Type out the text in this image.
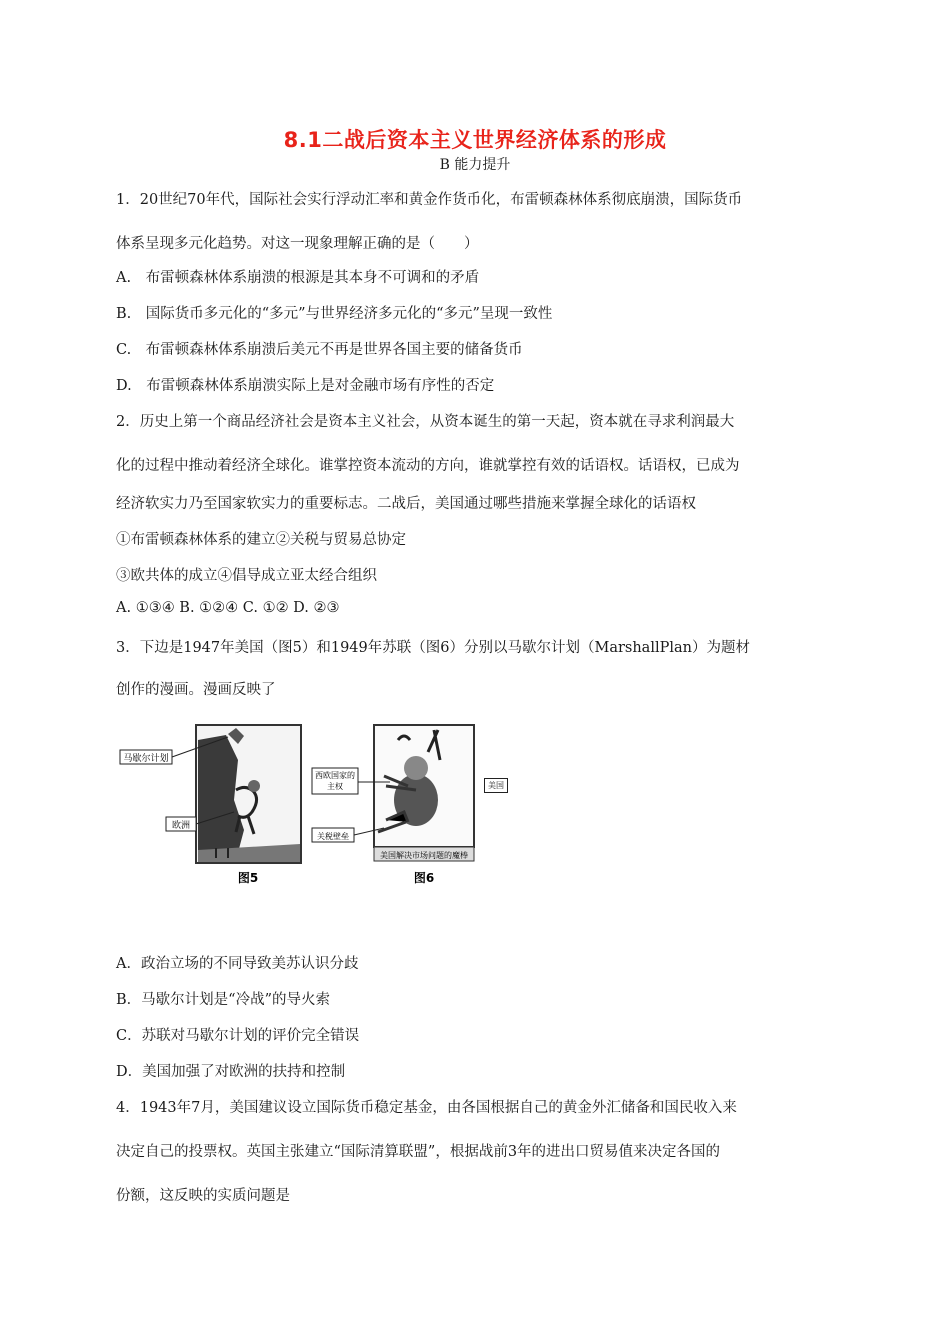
8.1二战后资本主义世界经济体系的形成
B 能力提升
1．20世纪70年代，国际社会实行浮动汇率和黄金作货币化，布雷顿森林体系彻底崩溃，国际货币
体系呈现多元化趋势。对这一现象理解正确的是（　　）
A.　布雷顿森林体系崩溃的根源是其本身不可调和的矛盾
B.　国际货币多元化的“多元”与世界经济多元化的“多元”呈现一致性
C.　布雷顿森林体系崩溃后美元不再是世界各国主要的储备货币
D.　布雷顿森林体系崩溃实际上是对金融市场有序性的否定
2．历史上第一个商品经济社会是资本主义社会，从资本诞生的第一天起，资本就在寻求利润最大
化的过程中推动着经济全球化。谁掌控资本流动的方向，谁就掌控有效的话语权。话语权，已成为
经济软实力乃至国家软实力的重要标志。二战后，美国通过哪些措施来掌握全球化的话语权
①布雷顿森林体系的建立②关税与贸易总协定
③欧共体的成立④倡导成立亚太经合组织
A. ①③④ B. ①②④ C. ①② D. ②③
3．下边是1947年美国（图5）和1949年苏联（图6）分别以马歇尔计划（MarshallPlan）为题材
创作的漫画。漫画反映了
马歇尔计划
欧洲
图5
美国解决市场问题的魔棒
西欧国家的主权
关税壁垒
图6
美国
A．政治立场的不同导致美苏认识分歧
B．马歇尔计划是“冷战”的导火索
C．苏联对马歇尔计划的评价完全错误
D．美国加强了对欧洲的扶持和控制
4．1943年7月，美国建议设立国际货币稳定基金，由各国根据自己的黄金外汇储备和国民收入来
决定自己的投票权。英国主张建立“国际清算联盟”，根据战前3年的进出口贸易值来决定各国的
份额，这反映的实质问题是
